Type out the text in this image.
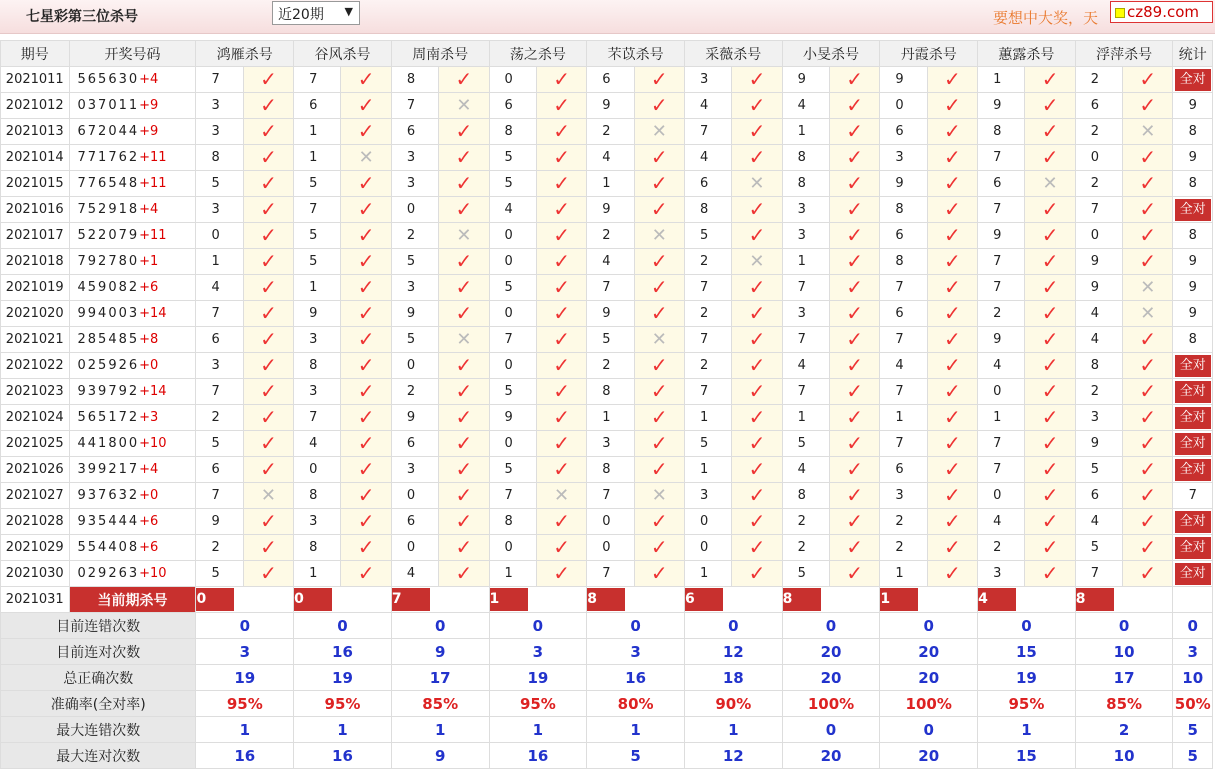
七星彩第三位杀号	近20期 ▼	要想中大奖，天	cz89.com
期号	开奖号码	鸿雁杀号		谷风杀号		周南杀号		荡之杀号		芣苡杀号		采薇杀号		小旻杀号		丹霞杀号		蕙露杀号		浮萍杀号		统计
2021011	565630+4	7	✓	7	✓	8	✓	0	✓	6	✓	3	✓	9	✓	9	✓	1	✓	2	✓	全对
2021012	037011+9	3	✓	6	✓	7	✕	6	✓	9	✓	4	✓	4	✓	0	✓	9	✓	6	✓	9
2021013	672044+9	3	✓	1	✓	6	✓	8	✓	2	✕	7	✓	1	✓	6	✓	8	✓	2	✕	8
2021014	771762+11	8	✓	1	✕	3	✓	5	✓	4	✓	4	✓	8	✓	3	✓	7	✓	0	✓	9
2021015	776548+11	5	✓	5	✓	3	✓	5	✓	1	✓	6	✕	8	✓	9	✓	6	✕	2	✓	8
2021016	752918+4	3	✓	7	✓	0	✓	4	✓	9	✓	8	✓	3	✓	8	✓	7	✓	7	✓	全对
2021017	522079+11	0	✓	5	✓	2	✕	0	✓	2	✕	5	✓	3	✓	6	✓	9	✓	0	✓	8
2021018	792780+1	1	✓	5	✓	5	✓	0	✓	4	✓	2	✕	1	✓	8	✓	7	✓	9	✓	9
2021019	459082+6	4	✓	1	✓	3	✓	5	✓	7	✓	7	✓	7	✓	7	✓	7	✓	9	✕	9
2021020	994003+14	7	✓	9	✓	9	✓	0	✓	9	✓	2	✓	3	✓	6	✓	2	✓	4	✕	9
2021021	285485+8	6	✓	3	✓	5	✕	7	✓	5	✕	7	✓	7	✓	7	✓	9	✓	4	✓	8
2021022	025926+0	3	✓	8	✓	0	✓	0	✓	2	✓	2	✓	4	✓	4	✓	4	✓	8	✓	全对
2021023	939792+14	7	✓	3	✓	2	✓	5	✓	8	✓	7	✓	7	✓	7	✓	0	✓	2	✓	全对
2021024	565172+3	2	✓	7	✓	9	✓	9	✓	1	✓	1	✓	1	✓	1	✓	1	✓	3	✓	全对
2021025	441800+10	5	✓	4	✓	6	✓	0	✓	3	✓	5	✓	5	✓	7	✓	7	✓	9	✓	全对
2021026	399217+4	6	✓	0	✓	3	✓	5	✓	8	✓	1	✓	4	✓	6	✓	7	✓	5	✓	全对
2021027	937632+0	7	✕	8	✓	0	✓	7	✕	7	✕	3	✓	8	✓	3	✓	0	✓	6	✓	7
2021028	935444+6	9	✓	3	✓	6	✓	8	✓	0	✓	0	✓	2	✓	2	✓	4	✓	4	✓	全对
2021029	554408+6	2	✓	8	✓	0	✓	0	✓	0	✓	0	✓	2	✓	2	✓	2	✓	5	✓	全对
2021030	029263+10	5	✓	1	✓	4	✓	1	✓	7	✓	1	✓	5	✓	1	✓	3	✓	7	✓	全对
2021031	当前期杀号	0		0		7		1		8		6		8		1		4		8		
目前连错次数		0		0		0		0		0		0		0		0		0		0		0
目前连对次数		3		16		9		3		3		12		20		20		15		10		3
总正确次数		19		19		17		19		16		18		20		20		19		17		10
准确率(全对率)		95%		95%		85%		95%		80%		90%		100%		100%		95%		85%		50%
最大连错次数		1		1		1		1		1		1		0		0		1		2		5
最大连对次数		16		16		9		16		5		12		20		20		15		10		5
